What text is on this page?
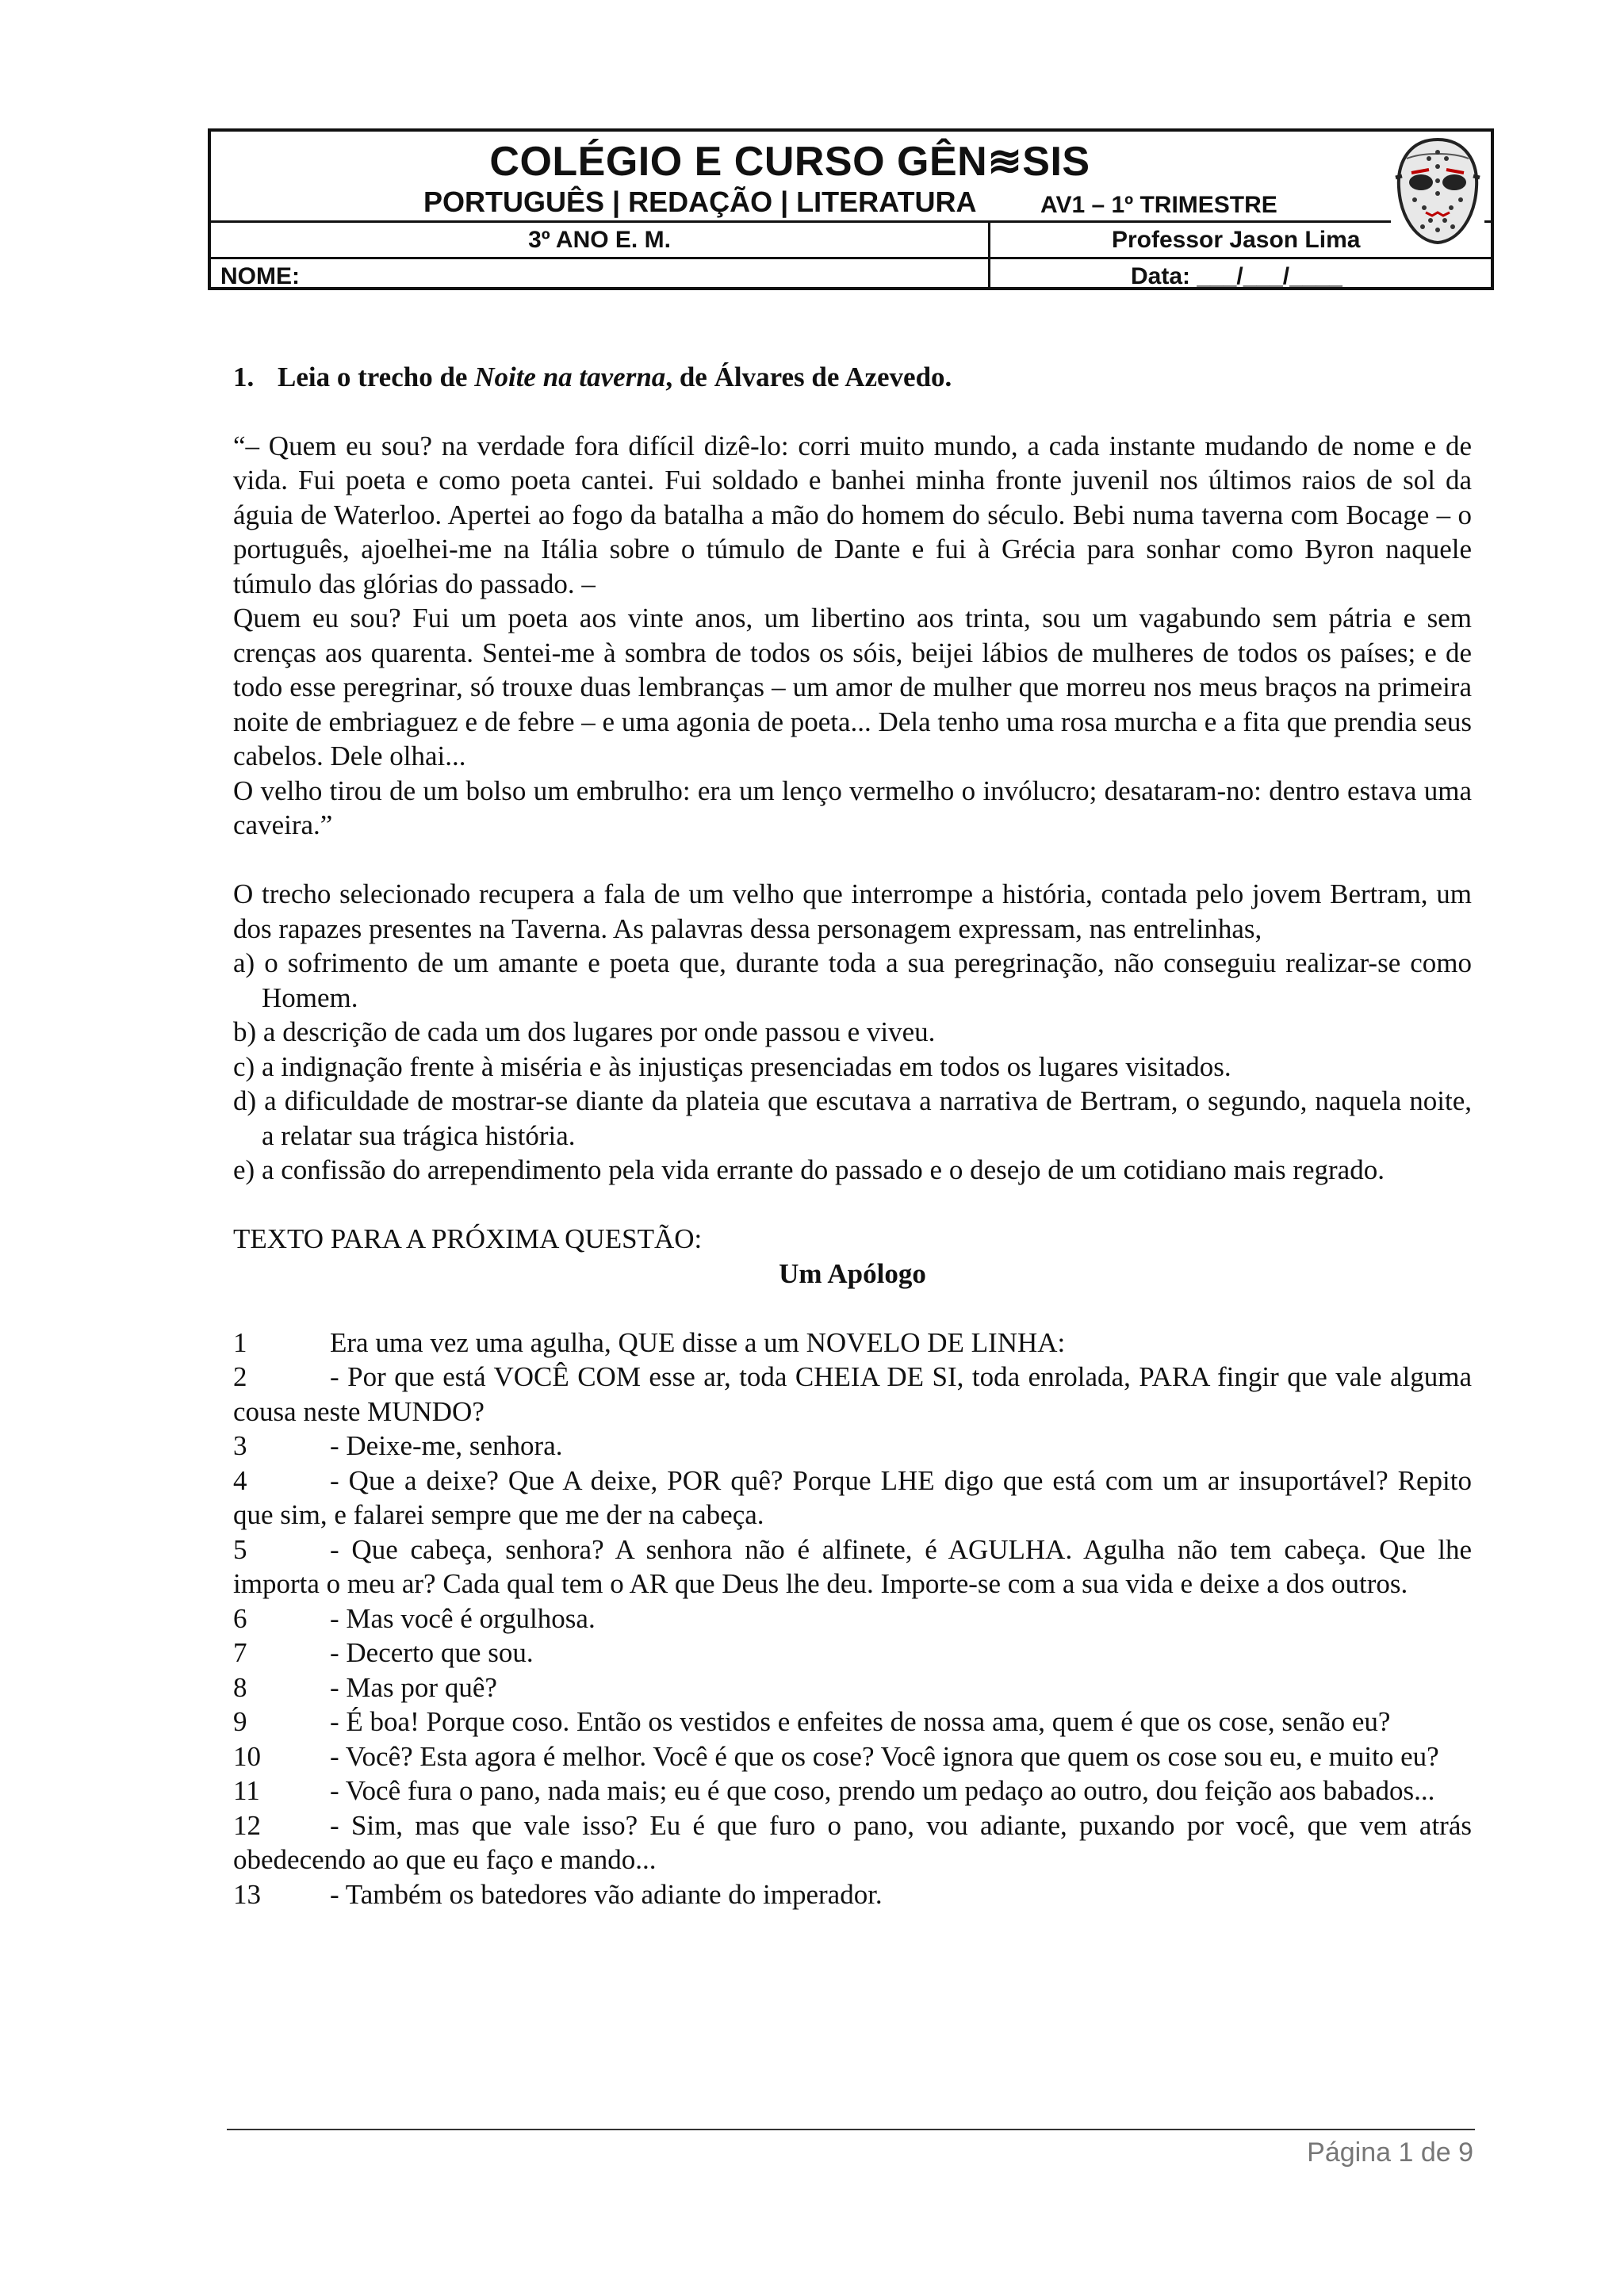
COLÉGIO E CURSO GÊN≋SIS
PORTUGUÊS | REDAÇÃO | LITERATURA	AV1 – 1º TRIMESTRE
3º ANO E. M.	Professor Jason Lima
NOME:	Data: ___/___/____

1. Leia o trecho de Noite na taverna, de Álvares de Azevedo.

“– Quem eu sou? na verdade fora difícil dizê-lo: corri muito mundo, a cada instante mudando de nome e de vida. Fui poeta e como poeta cantei. Fui soldado e banhei minha fronte juvenil nos últimos raios de sol da águia de Waterloo. Apertei ao fogo da batalha a mão do homem do século. Bebi numa taverna com Bocage – o português, ajoelhei-me na Itália sobre o túmulo de Dante e fui à Grécia para sonhar como Byron naquele túmulo das glórias do passado. –

Quem eu sou? Fui um poeta aos vinte anos, um libertino aos trinta, sou um vagabundo sem pátria e sem crenças aos quarenta. Sentei-me à sombra de todos os sóis, beijei lábios de mulheres de todos os países; e de todo esse peregrinar, só trouxe duas lembranças – um amor de mulher que morreu nos meus braços na primeira noite de embriaguez e de febre – e uma agonia de poeta... Dela tenho uma rosa murcha e a fita que prendia seus cabelos. Dele olhai...

O velho tirou de um bolso um embrulho: era um lenço vermelho o invólucro; desataram-no: dentro estava uma caveira.”

O trecho selecionado recupera a fala de um velho que interrompe a história, contada pelo jovem Bertram, um dos rapazes presentes na Taverna. As palavras dessa personagem expressam, nas entrelinhas,

a) o sofrimento de um amante e poeta que, durante toda a sua peregrinação, não conseguiu realizar-se como Homem.

b) a descrição de cada um dos lugares por onde passou e viveu.

c) a indignação frente à miséria e às injustiças presenciadas em todos os lugares visitados.

d) a dificuldade de mostrar-se diante da plateia que escutava a narrativa de Bertram, o segundo, naquela noite, a relatar sua trágica história.

e) a confissão do arrependimento pela vida errante do passado e o desejo de um cotidiano mais regrado.

TEXTO PARA A PRÓXIMA QUESTÃO:

Um Apólogo

1	Era uma vez uma agulha, QUE disse a um NOVELO DE LINHA:

2	- Por que está VOCÊ COM esse ar, toda CHEIA DE SI, toda enrolada, PARA fingir que vale alguma cousa neste MUNDO?

3	- Deixe-me, senhora.

4	- Que a deixe? Que A deixe, POR quê? Porque LHE digo que está com um ar insuportável? Repito que sim, e falarei sempre que me der na cabeça.

5	- Que cabeça, senhora? A senhora não é alfinete, é AGULHA. Agulha não tem cabeça. Que lhe importa o meu ar? Cada qual tem o AR que Deus lhe deu. Importe-se com a sua vida e deixe a dos outros.

6	- Mas você é orgulhosa.

7	- Decerto que sou.

8	- Mas por quê?

9	- É boa! Porque coso. Então os vestidos e enfeites de nossa ama, quem é que os cose, senão eu?

10 - Você? Esta agora é melhor. Você é que os cose? Você ignora que quem os cose sou eu, e muito eu?

11	- Você fura o pano, nada mais; eu é que coso, prendo um pedaço ao outro, dou feição aos babados...

12 - Sim, mas que vale isso? Eu é que furo o pano, vou adiante, puxando por você, que vem atrás obedecendo ao que eu faço e mando...

13 - Também os batedores vão adiante do imperador.

Página 1 de 9
